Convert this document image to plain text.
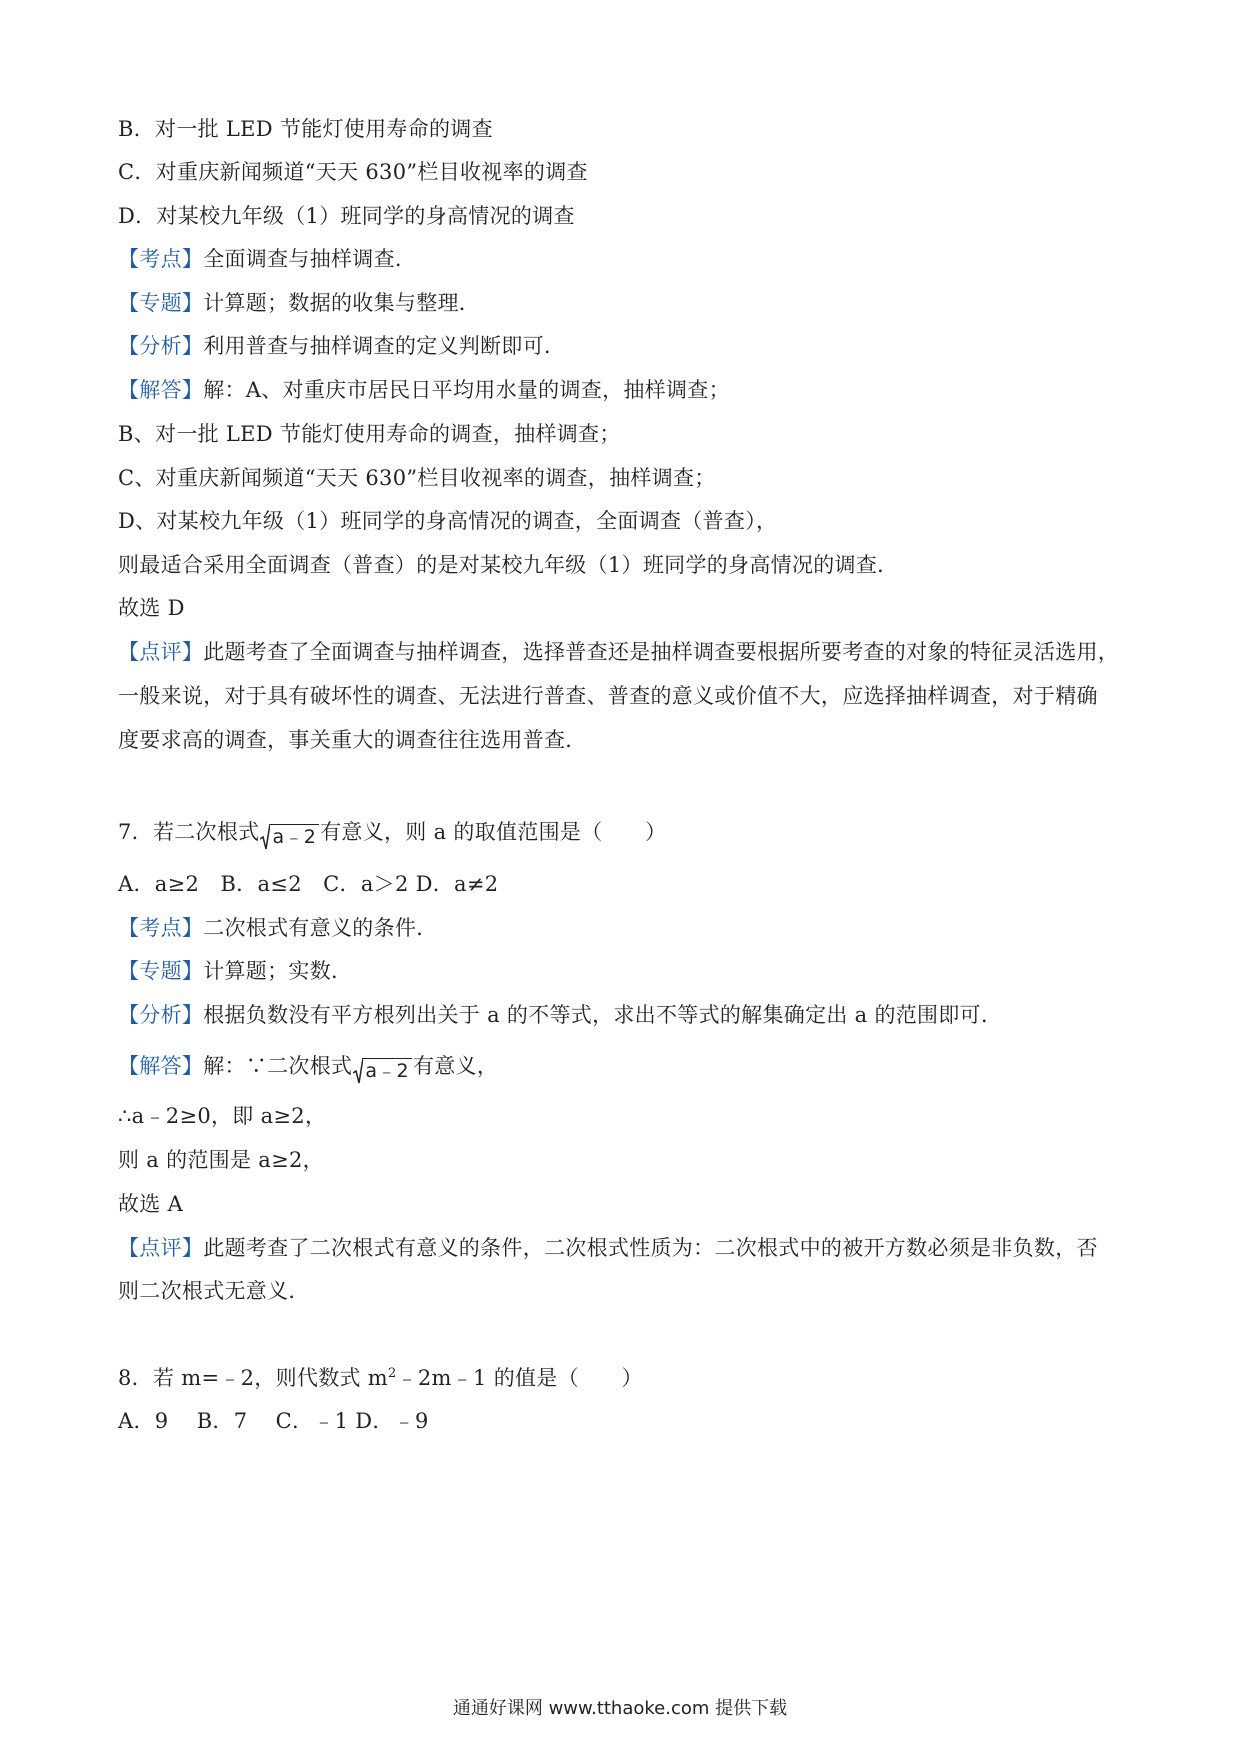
B．对一批 LED 节能灯使用寿命的调查
C．对重庆新闻频道“天天 630”栏目收视率的调查
D．对某校九年级（1）班同学的身高情况的调查
【考点】全面调查与抽样调查．
【专题】计算题；数据的收集与整理．
【分析】利用普查与抽样调查的定义判断即可．
【解答】解：A、对重庆市居民日平均用水量的调查，抽样调查；
B、对一批 LED 节能灯使用寿命的调查，抽样调查；
C、对重庆新闻频道“天天 630”栏目收视率的调查，抽样调查；
D、对某校九年级（1）班同学的身高情况的调查，全面调查（普查），
则最适合采用全面调查（普查）的是对某校九年级（1）班同学的身高情况的调查．
故选 D
【点评】此题考查了全面调查与抽样调查，选择普查还是抽样调查要根据所要考查的对象的特征灵活选用，
一般来说，对于具有破坏性的调查、无法进行普查、普查的意义或价值不大，应选择抽样调查，对于精确
度要求高的调查，事关重大的调查往往选用普查．
7．若二次根式 a﹣2 有意义，则 a 的取值范围是（　　）
A．a≥2　B．a≤2　C．a＞2 D．a≠2
【考点】二次根式有意义的条件．
【专题】计算题；实数．
【分析】根据负数没有平方根列出关于 a 的不等式，求出不等式的解集确定出 a 的范围即可．
【解答】解：∵二次根式 a﹣2 有意义，
∴a﹣2≥0，即 a≥2，
则 a 的范围是 a≥2，
故选 A
【点评】此题考查了二次根式有意义的条件，二次根式性质为：二次根式中的被开方数必须是非负数，否
则二次根式无意义．
8．若 m=﹣2，则代数式 $m^2﹣2m﹣1$ 的值是（　　）
A．9　 B．7　 C．﹣1 D．﹣9
通通好课网 www.tthaoke.com 提供下载
